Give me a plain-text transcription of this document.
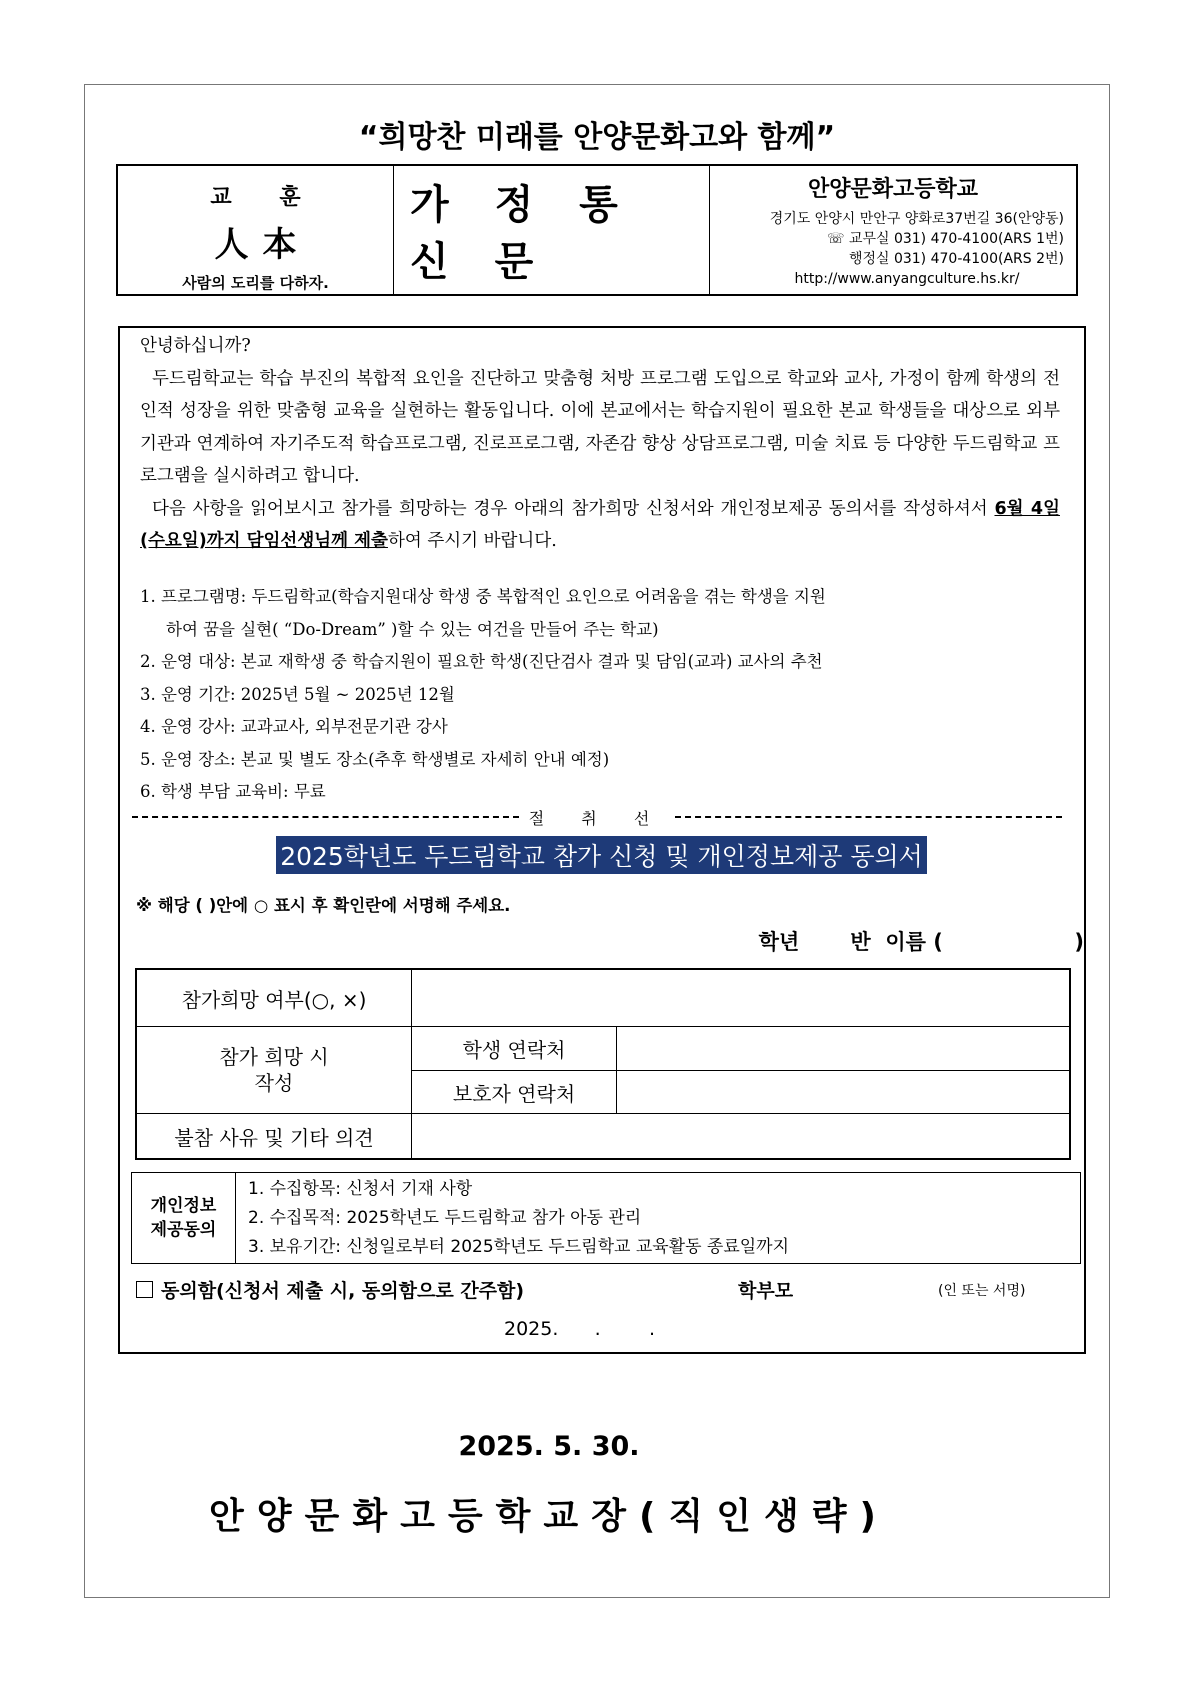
“희망찬 미래를 안양문화고와 함께”
교 훈
人本
사람의 도리를 다하자.
가 정 통 신 문
안양문화고등학교
경기도 안양시 만안구 양화로37번길 36(안양동)
☏ 교무실 031) 470-4100(ARS 1번)
행정실 031) 470-4100(ARS 2번)
http://www.anyangculture.hs.kr/

안녕하십니까?

두드림학교는 학습 부진의 복합적 요인을 진단하고 맞춤형 처방 프로그램 도입으로 학교와 교사, 가정이 함께 학생의 전인적 성장을 위한 맞춤형 교육을 실현하는 활동입니다. 이에 본교에서는 학습지원이 필요한 본교 학생들을 대상으로 외부기관과 연계하여 자기주도적 학습프로그램, 진로프로그램, 자존감 향상 상담프로그램, 미술 치료 등 다양한 두드림학교 프로그램을 실시하려고 합니다.

다음 사항을 읽어보시고 참가를 희망하는 경우 아래의 참가희망 신청서와 개인정보제공 동의서를 작성하셔서 6월 4일(수요일)까지 담임선생님께 제출하여 주시기 바랍니다.

1. 프로그램명: 두드림학교(학습지원대상 학생 중 복합적인 요인으로 어려움을 겪는 학생을 지원
하여 꿈을 실현( “Do-Dream” )할 수 있는 여건을 만들어 주는 학교)
2. 운영 대상: 본교 재학생 중 학습지원이 필요한 학생(진단검사 결과 및 담임(교과) 교사의 추천
3. 운영 기간: 2025년 5월 ~ 2025년 12월
4. 운영 강사: 교과교사, 외부전문기관 강사
5. 운영 장소: 본교 및 별도 장소(추후 학생별로 자세히 안내 예정)
6. 학생 부담 교육비: 무료
절 취 선
2025학년도 두드림학교 참가 신청 및 개인정보제공 동의서
※ 해당 ( )안에 ○ 표시 후 확인란에 서명해 주세요.
학년       반  이름 (                  )
참가희망 여부(○, ×)		
참가 희망 시
작성	학생 연락처	
	보호자 연락처	
불참 사유 및 기타 의견		
개인정보
제공동의
1. 수집항목: 신청서 기재 사항
2. 수집목적: 2025학년도 두드림학교 참가 아동 관리
3. 보유기간: 신청일로부터 2025학년도 두드림학교 교육활동 종료일까지
동의함(신청서 제출 시, 동의함으로 간주함)	학부모	(인 또는 서명)
2025.      .        .
2025. 5. 30.
안양문화고등학교장(직인생략)
